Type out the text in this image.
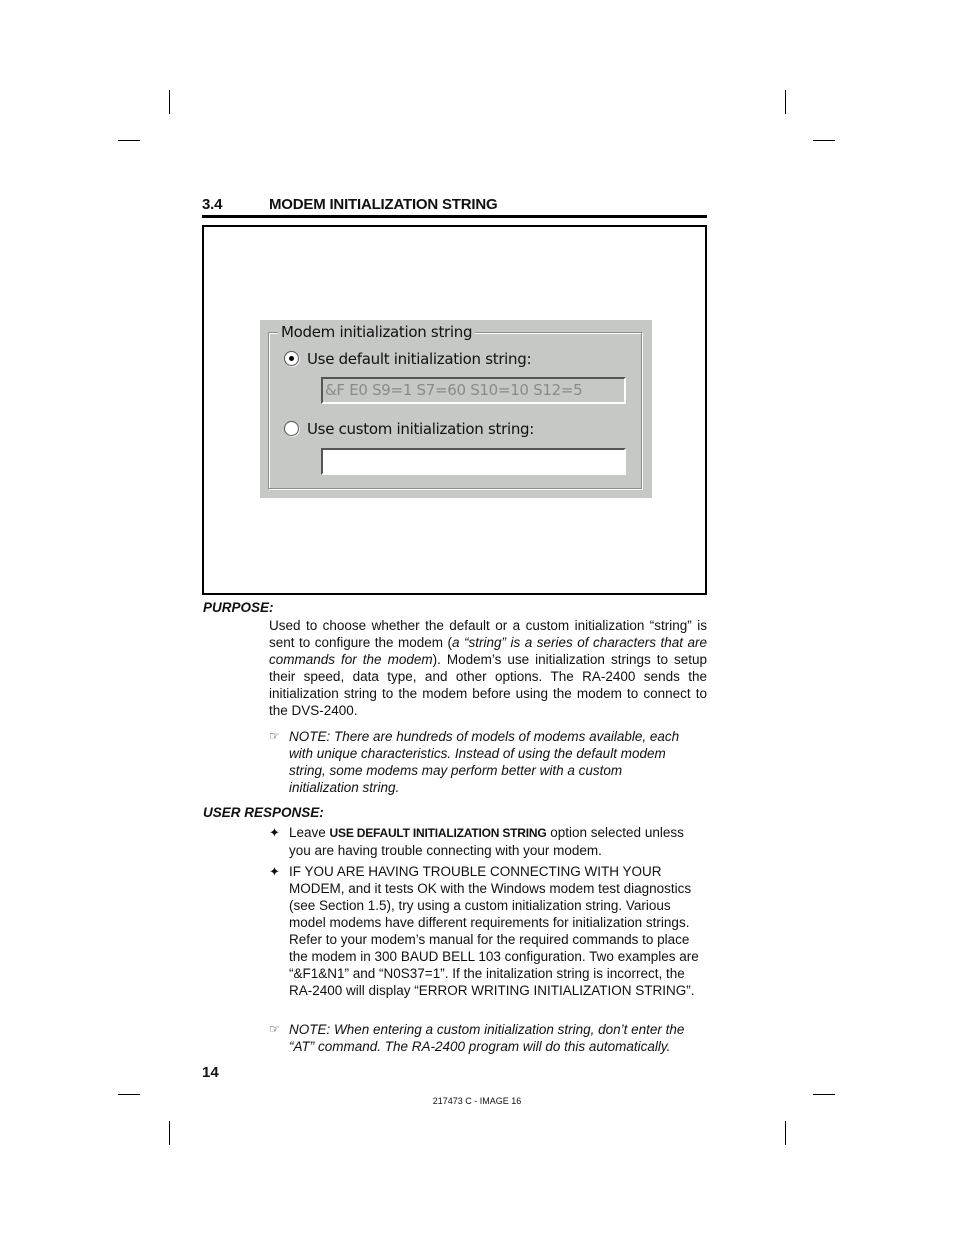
3.4	MODEM INITIALIZATION STRING
Modem initialization string
Use default initialization string:
&F E0 S9=1 S7=60 S10=10 S12=5
Use custom initialization string:
PURPOSE:
Used to choose whether the default or a custom initialization “string” is sent to configure the modem (a “string” is a series of characters that are commands for the modem). Modem’s use initialization strings to setup their speed, data type, and other options. The RA-2400 sends the initialization string to the modem before using the modem to connect to the DVS-2400.
☞ NOTE: There are hundreds of models of modems available, each with unique characteristics. Instead of using the default modem string, some modems may perform better with a custom initialization string.
USER RESPONSE:
✦ Leave USE DEFAULT INITIALIZATION STRING option selected unless you are having trouble connecting with your modem.
✦ IF YOU ARE HAVING TROUBLE CONNECTING WITH YOUR MODEM, and it tests OK with the Windows modem test diagnostics (see Section 1.5), try using a custom initialization string. Various model modems have different requirements for initialization strings. Refer to your modem’s manual for the required commands to place the modem in 300 BAUD BELL 103 configuration. Two examples are “&F1&N1” and “N0S37=1”. If the initalization string is incorrect, the RA-2400 will display “ERROR WRITING INITIALIZATION STRING”.
☞ NOTE: When entering a custom initialization string, don’t enter the “AT” command. The RA-2400 program will do this automatically.
14
217473 C - IMAGE 16
